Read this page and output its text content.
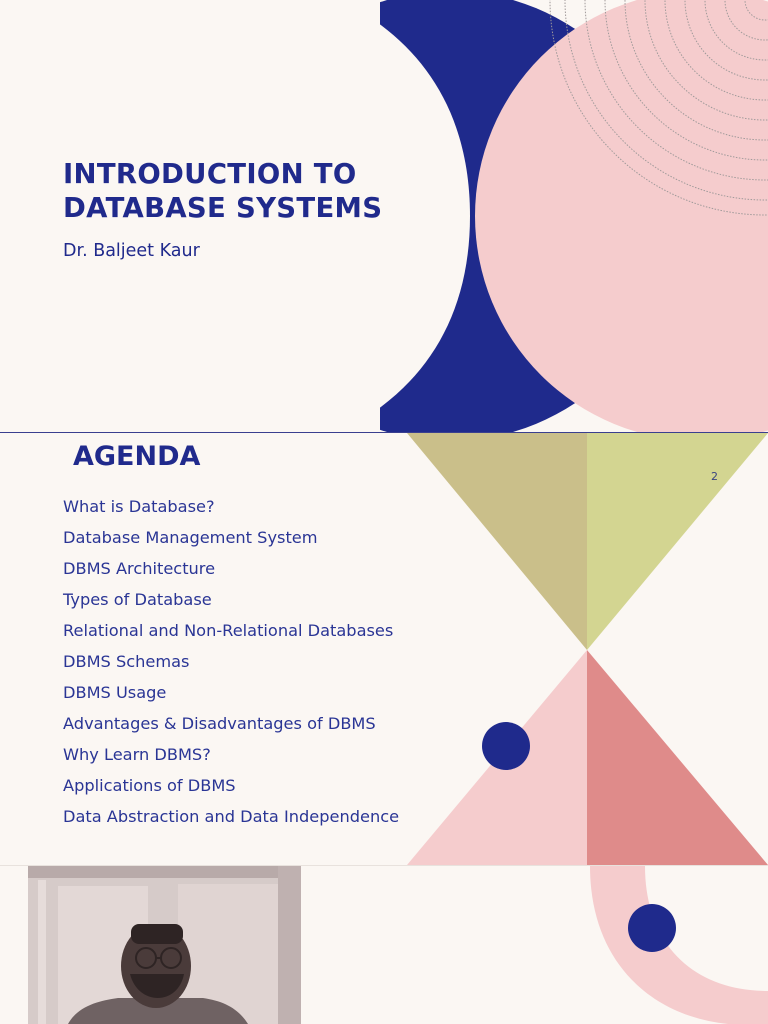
INTRODUCTION TO
DATABASE SYSTEMS

Dr. Baljeet Kaur

AGENDA
What is Database?
Database Management System
DBMS Architecture
Types of Database
Relational and Non-Relational Databases
DBMS Schemas
DBMS Usage
Advantages & Disadvantages of DBMS
Why Learn DBMS?
Applications of DBMS
Data Abstraction and Data Independence
2
